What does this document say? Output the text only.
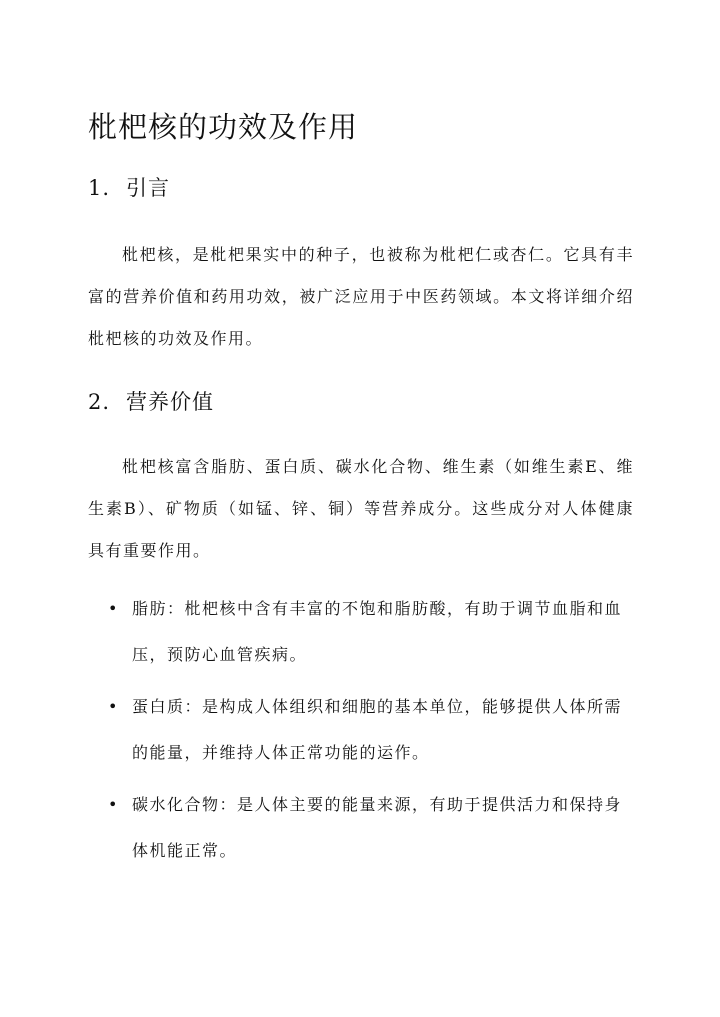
枇杷核的功效及作用
1. 引言

枇杷核，是枇杷果实中的种子，也被称为枇杷仁或杏仁。它具有丰富的营养价值和药用功效，被广泛应用于中医药领域。本文将详细介绍枇杷核的功效及作用。

2. 营养价值

枇杷核富含脂肪、蛋白质、碳水化合物、维生素（如维生素E、维生素B）、矿物质（如锰、锌、铜）等营养成分。这些成分对人体健康具有重要作用。

• 脂肪：枇杷核中含有丰富的不饱和脂肪酸，有助于调节血脂和血压，预防心血管疾病。
• 蛋白质：是构成人体组织和细胞的基本单位，能够提供人体所需的能量，并维持人体正常功能的运作。
• 碳水化合物：是人体主要的能量来源，有助于提供活力和保持身体机能正常。
